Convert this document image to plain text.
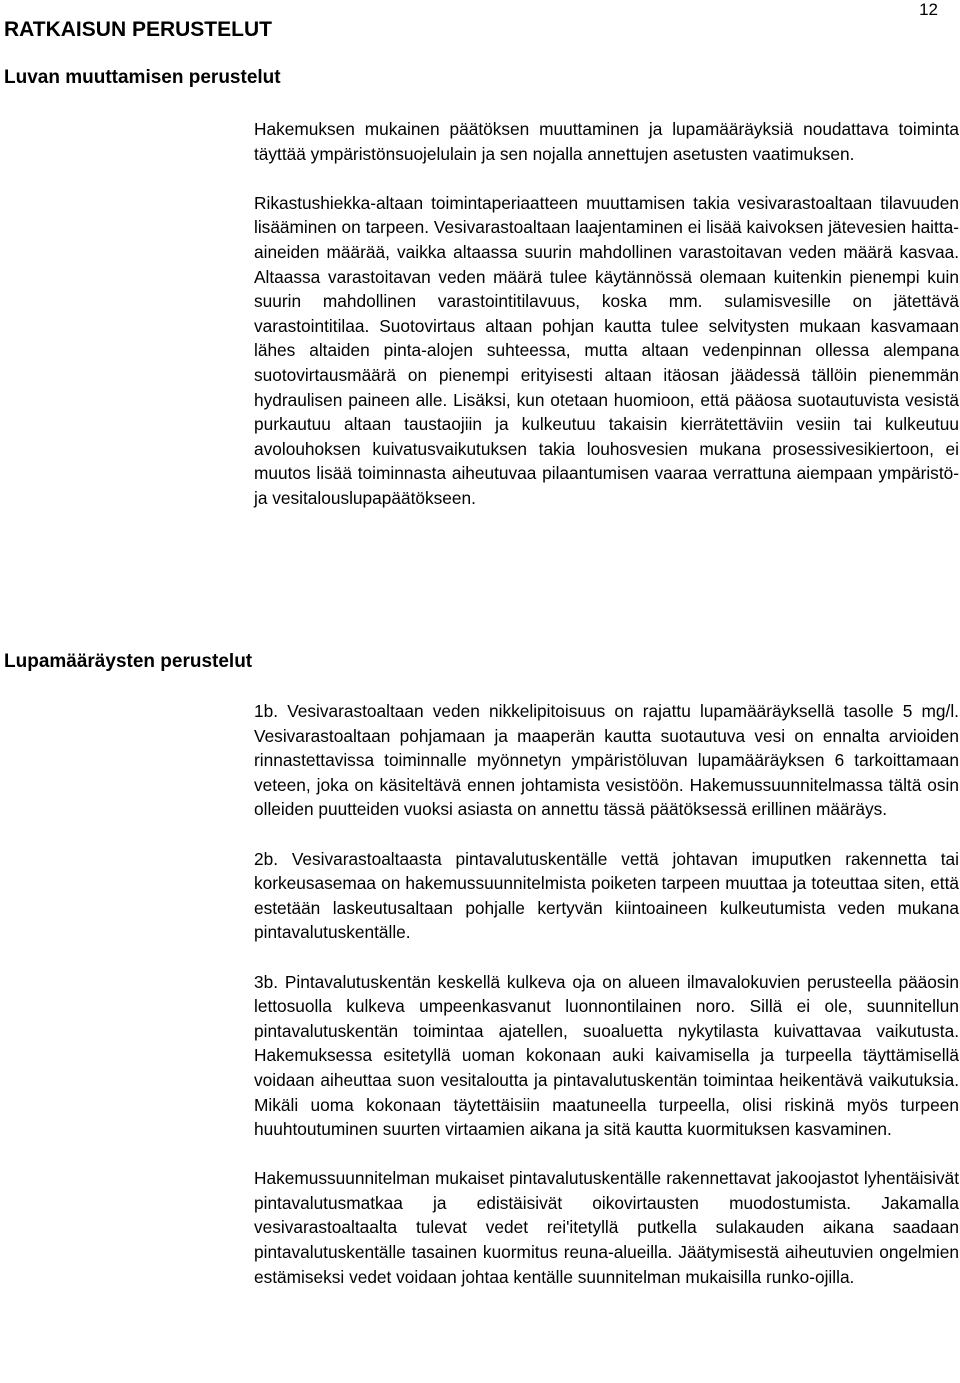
12
RATKAISUN PERUSTELUT
Luvan muuttamisen perustelut

Hakemuksen mukainen päätöksen muuttaminen ja lupamääräyksiä noudattava toiminta täyttää ympäristönsuojelulain ja sen nojalla annettujen asetusten vaatimuksen.

Rikastushiekka-altaan toimintaperiaatteen muuttamisen takia vesivarastoaltaan tilavuuden lisääminen on tarpeen. Vesivarastoaltaan laajentaminen ei lisää kaivoksen jätevesien haitta-aineiden määrää, vaikka altaassa suurin mahdollinen varastoitavan veden määrä kasvaa. Altaassa varastoitavan veden määrä tulee käytännössä olemaan kuitenkin pienempi kuin suurin mahdollinen varastointitilavuus, koska mm. sulamisvesille on jätettävä varastointitilaa. Suotovirtaus altaan pohjan kautta tulee selvitysten mukaan kasvamaan lähes altaiden pinta-alojen suhteessa, mutta altaan vedenpinnan ollessa alempana suotovirtausmäärä on pienempi erityisesti altaan itäosan jäädessä tällöin pienemmän hydraulisen paineen alle. Lisäksi, kun otetaan huomioon, että pääosa suotautuvista vesistä purkautuu altaan taustaojiin ja kulkeutuu takaisin kierrätettäviin vesiin tai kulkeutuu avolouhoksen kuivatusvaikutuksen takia louhosvesien mukana prosessivesikiertoon, ei muutos lisää toiminnasta aiheutuvaa pilaantumisen vaaraa verrattuna aiempaan ympäristö- ja vesitalouslupapäätökseen.

Lupamääräysten perustelut

1b. Vesivarastoaltaan veden nikkelipitoisuus on rajattu lupamääräyksellä tasolle 5 mg/l. Vesivarastoaltaan pohjamaan ja maaperän kautta suotautuva vesi on ennalta arvioiden rinnastettavissa toiminnalle myönnetyn ympäristöluvan lupamääräyksen 6 tarkoittamaan veteen, joka on käsiteltävä ennen johtamista vesistöön. Hakemussuunnitelmassa tältä osin olleiden puutteiden vuoksi asiasta on annettu tässä päätöksessä erillinen määräys.

2b. Vesivarastoaltaasta pintavalutuskentälle vettä johtavan imuputken rakennetta tai korkeusasemaa on hakemussuunnitelmista poiketen tarpeen muuttaa ja toteuttaa siten, että estetään laskeutusaltaan pohjalle kertyvän kiintoaineen kulkeutumista veden mukana pintavalutuskentälle.

3b. Pintavalutuskentän keskellä kulkeva oja on alueen ilmavalokuvien perusteella pääosin lettosuolla kulkeva umpeenkasvanut luonnontilainen noro. Sillä ei ole, suunnitellun pintavalutuskentän toimintaa ajatellen, suoaluetta nykytilasta kuivattavaa vaikutusta. Hakemuksessa esitetyllä uoman kokonaan auki kaivamisella ja turpeella täyttämisellä voidaan aiheuttaa suon vesitaloutta ja pintavalutuskentän toimintaa heikentävä vaikutuksia. Mikäli uoma kokonaan täytettäisiin maatuneella turpeella, olisi riskinä myös turpeen huuhtoutuminen suurten virtaamien aikana ja sitä kautta kuormituksen kasvaminen.

Hakemussuunnitelman mukaiset pintavalutuskentälle rakennettavat jakoojastot lyhentäisivät pintavalutusmatkaa ja edistäisivät oikovirtausten muodostumista. Jakamalla vesivarastoaltaalta tulevat vedet rei'itetyllä putkella sulakauden aikana saadaan pintavalutuskentälle tasainen kuormitus reuna-alueilla. Jäätymisestä aiheutuvien ongelmien estämiseksi vedet voidaan johtaa kentälle suunnitelman mukaisilla runko-ojilla.
